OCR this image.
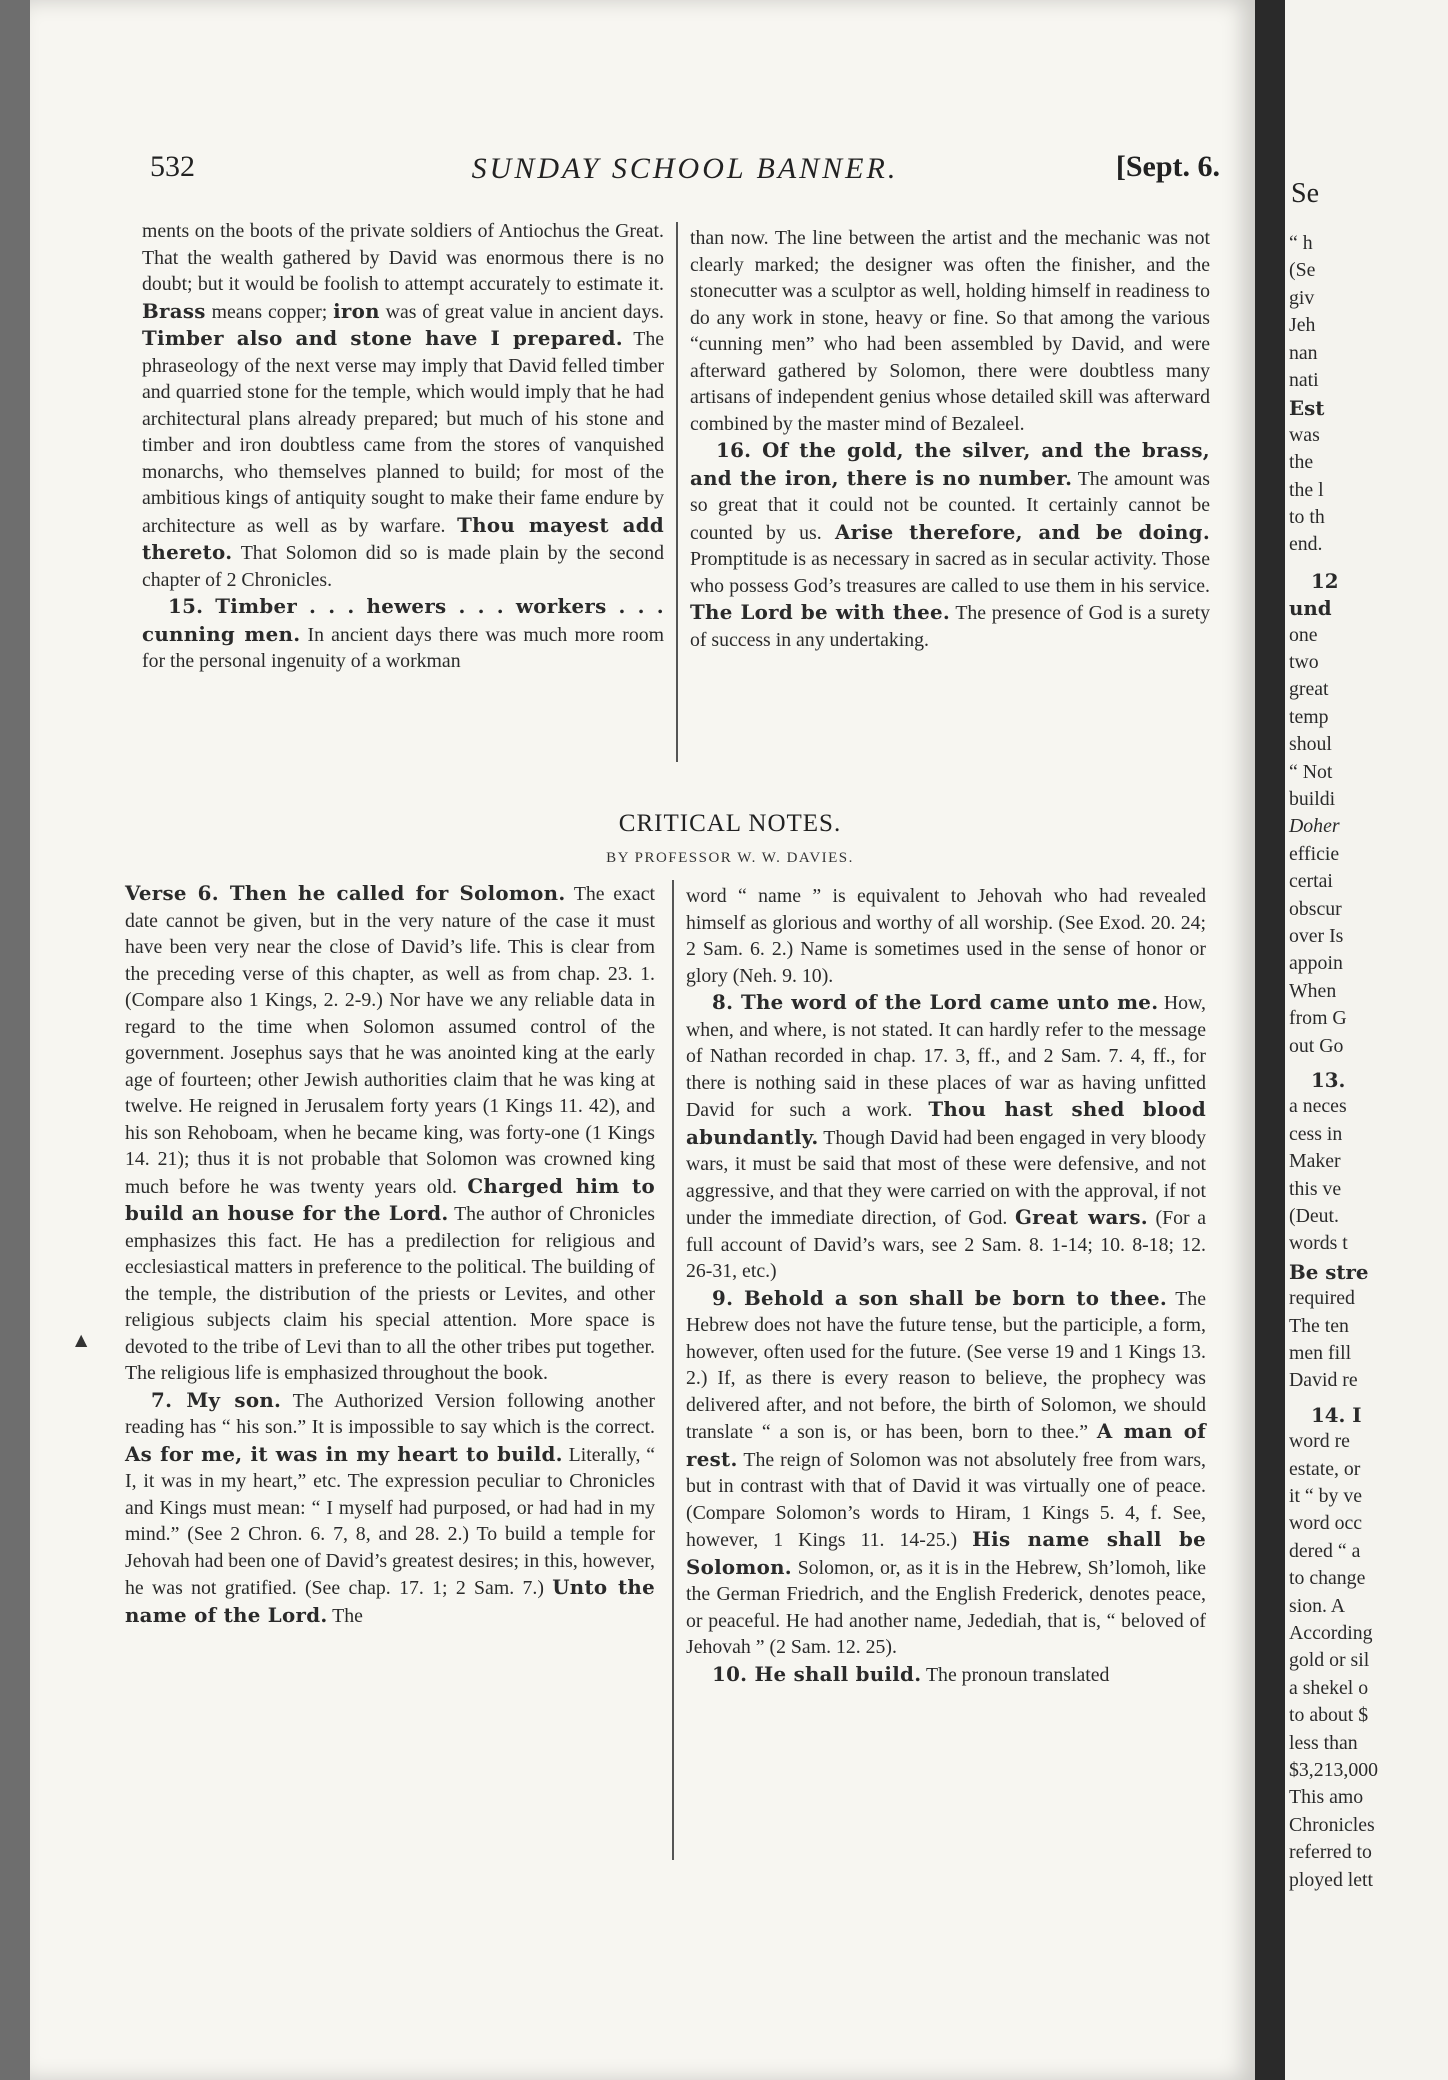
Se
“ h
(Se
giv
Jeh
nan
nati
Est
was
the
the l
to th
end.
12
und
one
two
great
temp
shoul
“ Not
buildi
Doher
efficie
certai
obscur
over Is
appoin
When
from G
out Go
13.
a neces
cess in
Maker
this ve
(Deut.
words t
Be stre
required
The ten
men fill
David re
14. I
word re
estate, or
it “ by ve
word occ
dered “ a
to change
sion. A
According
gold or sil
a shekel o
to about $
less than
$3,213,000
This amo
Chronicles
referred to
ployed lett
532	SUNDAY SCHOOL BANNER.	[Sept. 6.

ments on the boots of the private soldiers of Antiochus the Great. That the wealth gathered by David was enormous there is no doubt; but it would be foolish to attempt accurately to estimate it. Brass means copper; iron was of great value in ancient days. Timber also and stone have I prepared. The phraseology of the next verse may imply that David felled timber and quarried stone for the temple, which would imply that he had architectural plans already prepared; but much of his stone and timber and iron doubtless came from the stores of vanquished monarchs, who themselves planned to build; for most of the ambitious kings of antiquity sought to make their fame endure by architecture as well as by warfare. Thou mayest add thereto. That Solomon did so is made plain by the second chapter of 2 Chronicles.

15. Timber . . . hewers . . . workers . . . cunning men. In ancient days there was much more room for the personal ingenuity of a workman

than now. The line between the artist and the mechanic was not clearly marked; the designer was often the finisher, and the stonecutter was a sculptor as well, holding himself in readiness to do any work in stone, heavy or fine. So that among the various “cunning men” who had been assembled by David, and were afterward gathered by Solomon, there were doubtless many artisans of independent genius whose detailed skill was afterward combined by the master mind of Bezaleel.

16. Of the gold, the silver, and the brass, and the iron, there is no number. The amount was so great that it could not be counted. It certainly cannot be counted by us. Arise therefore, and be doing. Promptitude is as necessary in sacred as in secular activity. Those who possess God’s treasures are called to use them in his service. The Lord be with thee. The presence of God is a surety of success in any undertaking.

CRITICAL NOTES.
BY PROFESSOR W. W. DAVIES.
▲

Verse 6. Then he called for Solomon. The exact date cannot be given, but in the very nature of the case it must have been very near the close of David’s life. This is clear from the preceding verse of this chapter, as well as from chap. 23. 1. (Compare also 1 Kings, 2. 2-9.) Nor have we any reliable data in regard to the time when Solomon assumed control of the government. Josephus says that he was anointed king at the early age of fourteen; other Jewish authorities claim that he was king at twelve. He reigned in Jerusalem forty years (1 Kings 11. 42), and his son Rehoboam, when he became king, was forty-one (1 Kings 14. 21); thus it is not probable that Solomon was crowned king much before he was twenty years old. Charged him to build an house for the Lord. The author of Chronicles emphasizes this fact. He has a predilection for religious and ecclesiastical matters in preference to the political. The building of the temple, the distribution of the priests or Levites, and other religious subjects claim his special attention. More space is devoted to the tribe of Levi than to all the other tribes put together. The religious life is emphasized throughout the book.

7. My son. The Authorized Version following another reading has “ his son.” It is impossible to say which is the correct. As for me, it was in my heart to build. Literally, “ I, it was in my heart,” etc. The expression peculiar to Chronicles and Kings must mean: “ I myself had purposed, or had had in my mind.” (See 2 Chron. 6. 7, 8, and 28. 2.) To build a temple for Jehovah had been one of David’s greatest desires; in this, however, he was not gratified. (See chap. 17. 1; 2 Sam. 7.) Unto the name of the Lord. The

word “ name ” is equivalent to Jehovah who had revealed himself as glorious and worthy of all worship. (See Exod. 20. 24; 2 Sam. 6. 2.) Name is sometimes used in the sense of honor or glory (Neh. 9. 10).

8. The word of the Lord came unto me. How, when, and where, is not stated. It can hardly refer to the message of Nathan recorded in chap. 17. 3, ff., and 2 Sam. 7. 4, ff., for there is nothing said in these places of war as having unfitted David for such a work. Thou hast shed blood abundantly. Though David had been engaged in very bloody wars, it must be said that most of these were defensive, and not aggressive, and that they were carried on with the approval, if not under the immediate direction, of God. Great wars. (For a full account of David’s wars, see 2 Sam. 8. 1-14; 10. 8-18; 12. 26-31, etc.)

9. Behold a son shall be born to thee. The Hebrew does not have the future tense, but the participle, a form, however, often used for the future. (See verse 19 and 1 Kings 13. 2.) If, as there is every reason to believe, the prophecy was delivered after, and not before, the birth of Solomon, we should translate “ a son is, or has been, born to thee.” A man of rest. The reign of Solomon was not absolutely free from wars, but in contrast with that of David it was virtually one of peace. (Compare Solomon’s words to Hiram, 1 Kings 5. 4, f. See, however, 1 Kings 11. 14-25.) His name shall be Solomon. Solomon, or, as it is in the Hebrew, Sh’lomoh, like the German Friedrich, and the English Frederick, denotes peace, or peaceful. He had another name, Jedediah, that is, “ beloved of Jehovah ” (2 Sam. 12. 25).

10. He shall build. The pronoun translated
